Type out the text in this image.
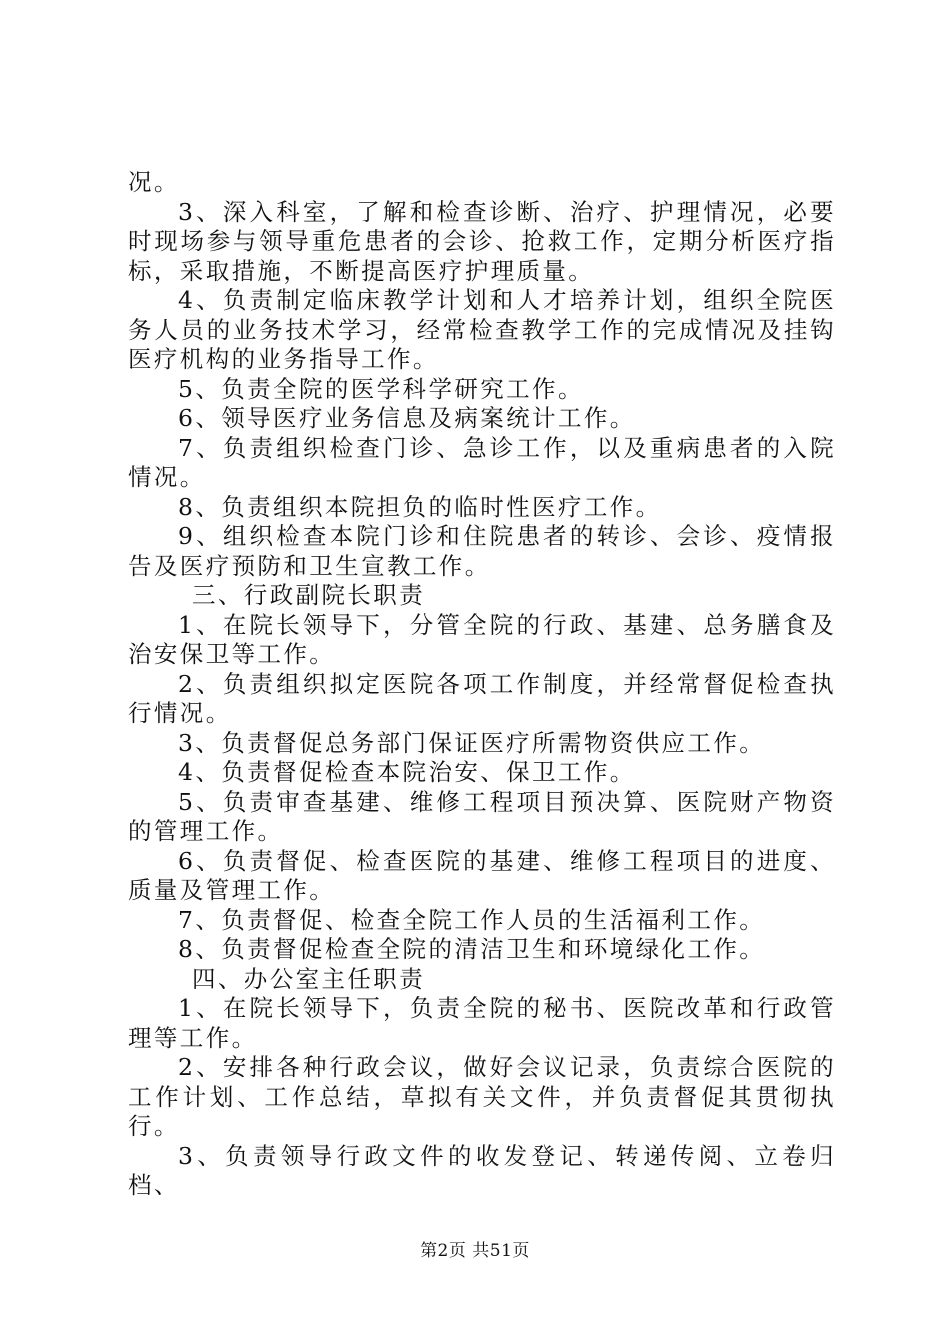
况。

3、深入科室，了解和检查诊断、治疗、护理情况，必要时现场参与领导重危患者的会诊、抢救工作，定期分析医疗指标，采取措施，不断提高医疗护理质量。

4、负责制定临床教学计划和人才培养计划，组织全院医务人员的业务技术学习，经常检查教学工作的完成情况及挂钩医疗机构的业务指导工作。

5、负责全院的医学科学研究工作。

6、领导医疗业务信息及病案统计工作。

7、负责组织检查门诊、急诊工作，以及重病患者的入院情况。

8、负责组织本院担负的临时性医疗工作。

9、组织检查本院门诊和住院患者的转诊、会诊、疫情报告及医疗预防和卫生宣教工作。

三、行政副院长职责

1、在院长领导下，分管全院的行政、基建、总务膳食及治安保卫等工作。

2、负责组织拟定医院各项工作制度，并经常督促检查执行情况。

3、负责督促总务部门保证医疗所需物资供应工作。

4、负责督促检查本院治安、保卫工作。

5、负责审查基建、维修工程项目预决算、医院财产物资的管理工作。

6、负责督促、检查医院的基建、维修工程项目的进度、质量及管理工作。

7、负责督促、检查全院工作人员的生活福利工作。

8、负责督促检查全院的清洁卫生和环境绿化工作。

四、办公室主任职责

1、在院长领导下，负责全院的秘书、医院改革和行政管理等工作。

2、安排各种行政会议，做好会议记录，负责综合医院的工作计划、工作总结，草拟有关文件，并负责督促其贯彻执行。

3、负责领导行政文件的收发登记、转递传阅、立卷归档、

第2页 共51页
